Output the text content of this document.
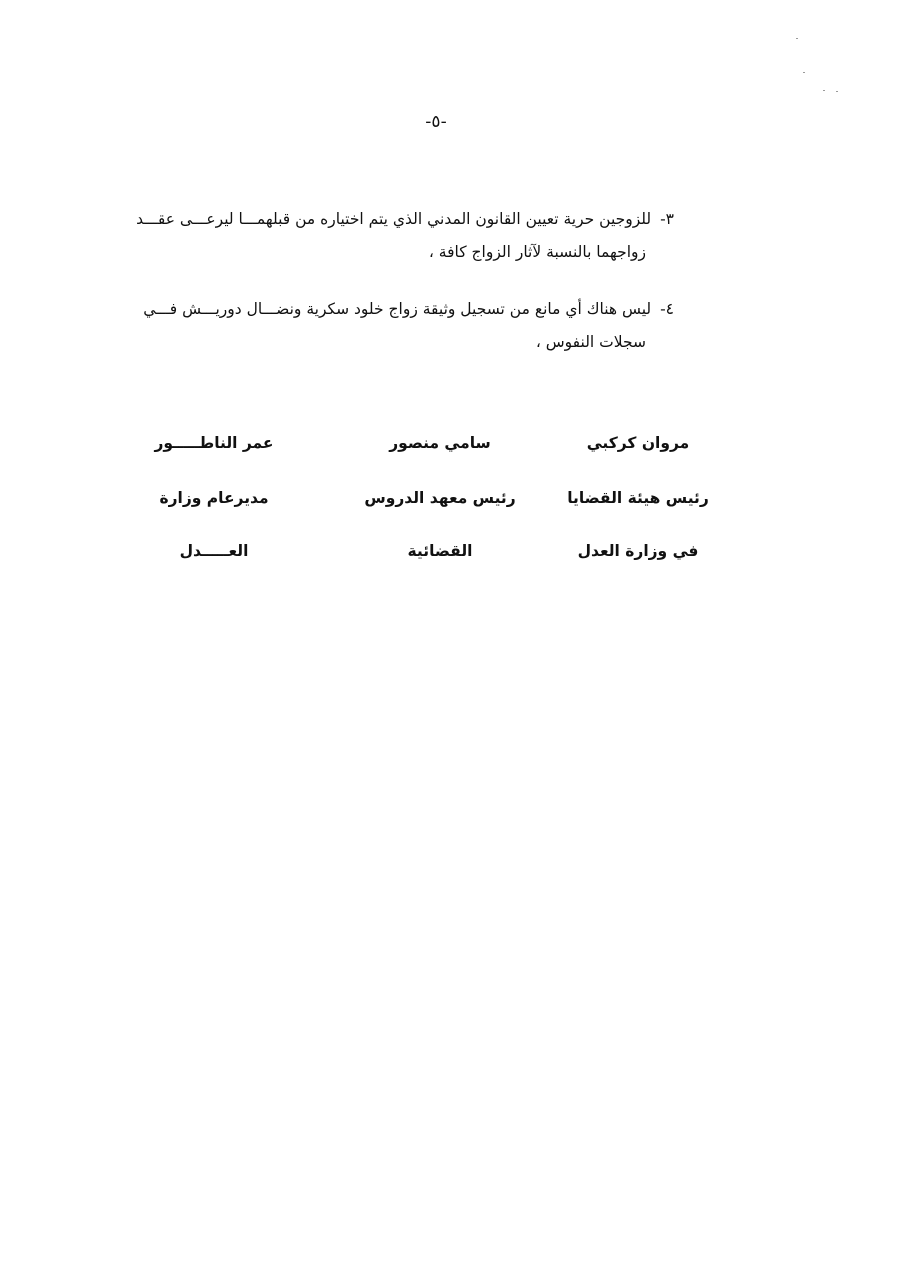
-٥-
٣- للزوجين حرية تعيين القانون المدني الذي يتم اختياره من قبلهمـــا ليرعـــى عقـــد
زواجهما بالنسبة لآثار الزواج كافة ،
٤- ليس هناك أي مانع من تسجيل وثيقة زواج خلود سكرية ونضـــال دوريـــش فـــي
سجلات النفوس ،
مروان كركبي
رئيس هيئة القضايا
في وزارة العدل
سامي منصور
رئيس معهد الدروس
القضائية
عمر الناطـــــور
مديرعام وزارة
العـــــدل
